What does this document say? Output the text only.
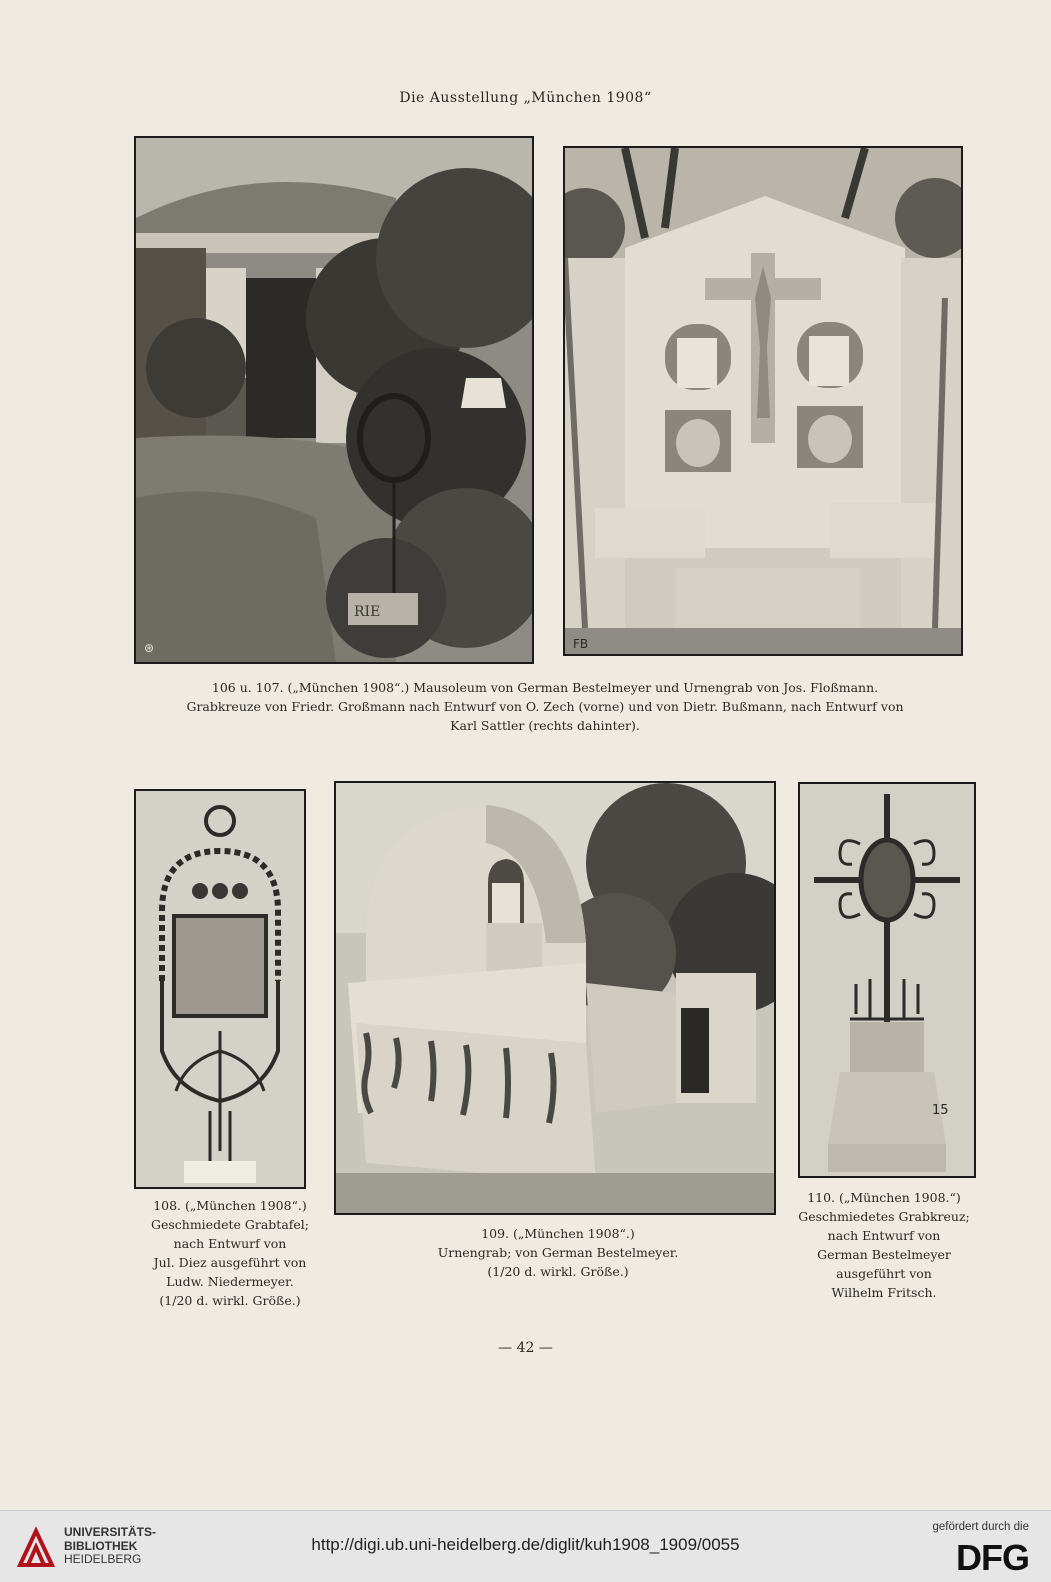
Die Ausstellung „München 1908“
RIE
⊛	FB
106 u. 107. („München 1908“.) Mausoleum von German Bestelmeyer und Urnengrab von Jos. Floßmann.
Grabkreuze von Friedr. Großmann nach Entwurf von O. Zech (vorne) und von Dietr. Bußmann, nach Entwurf von
Karl Sattler (rechts dahinter).
108. („München 1908“.)
Geschmiedete Grabtafel;
nach Entwurf von
Jul. Diez ausgeführt von
Ludw. Niedermeyer.
(1/20 d. wirkl. Größe.)
109. („München 1908“.)
Urnengrab; von German Bestelmeyer.
(1/20 d. wirkl. Größe.)
15
110. („München 1908.“)
Geschmiedetes Grabkreuz;
nach Entwurf von
German Bestelmeyer
ausgeführt von
Wilhelm Fritsch.
— 42 —
UNIVERSITÄTS-
BIBLIOTHEK
HEIDELBERG
http://digi.ub.uni-heidelberg.de/diglit/kuh1908_1909/0055
gefördert durch die
DFG
